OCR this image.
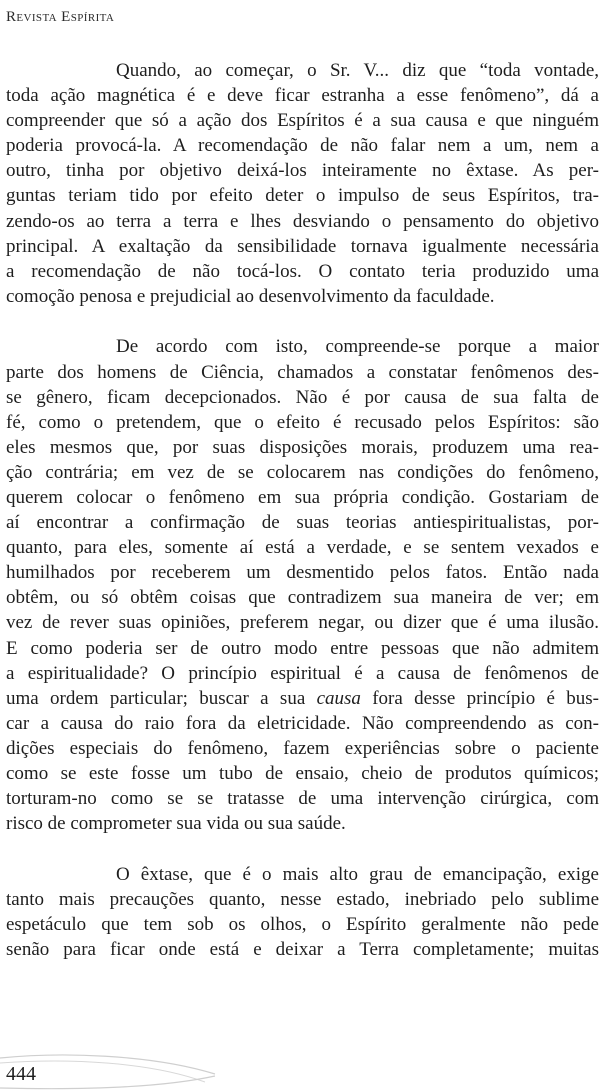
Revista Espírita

Quando, ao começar, o Sr. V... diz que “toda vontade,
toda ação magnética é e deve ficar estranha a esse fenômeno”, dá a
compreender que só a ação dos Espíritos é a sua causa e que ninguém
poderia provocá-la. A recomendação de não falar nem a um, nem a
outro, tinha por objetivo deixá-los inteiramente no êxtase. As per-
guntas teriam tido por efeito deter o impulso de seus Espíritos, tra-
zendo-os ao terra a terra e lhes desviando o pensamento do objetivo
principal. A exaltação da sensibilidade tornava igualmente necessária
a recomendação de não tocá-los. O contato teria produzido uma
comoção penosa e prejudicial ao desenvolvimento da faculdade.

De acordo com isto, compreende-se porque a maior
parte dos homens de Ciência, chamados a constatar fenômenos des-
se gênero, ficam decepcionados. Não é por causa de sua falta de
fé, como o pretendem, que o efeito é recusado pelos Espíritos: são
eles mesmos que, por suas disposições morais, produzem uma rea-
ção contrária; em vez de se colocarem nas condições do fenômeno,
querem colocar o fenômeno em sua própria condição. Gostariam de
aí encontrar a confirmação de suas teorias antiespiritualistas, por-
quanto, para eles, somente aí está a verdade, e se sentem vexados e
humilhados por receberem um desmentido pelos fatos. Então nada
obtêm, ou só obtêm coisas que contradizem sua maneira de ver; em
vez de rever suas opiniões, preferem negar, ou dizer que é uma ilusão.
E como poderia ser de outro modo entre pessoas que não admitem
a espiritualidade? O princípio espiritual é a causa de fenômenos de
uma ordem particular; buscar a sua causa fora desse princípio é bus-
car a causa do raio fora da eletricidade. Não compreendendo as con-
dições especiais do fenômeno, fazem experiências sobre o paciente
como se este fosse um tubo de ensaio, cheio de produtos químicos;
torturam-no como se se tratasse de uma intervenção cirúrgica, com
risco de comprometer sua vida ou sua saúde.

O êxtase, que é o mais alto grau de emancipação, exige
tanto mais precauções quanto, nesse estado, inebriado pelo sublime
espetáculo que tem sob os olhos, o Espírito geralmente não pede
senão para ficar onde está e deixar a Terra completamente; muitas

444
